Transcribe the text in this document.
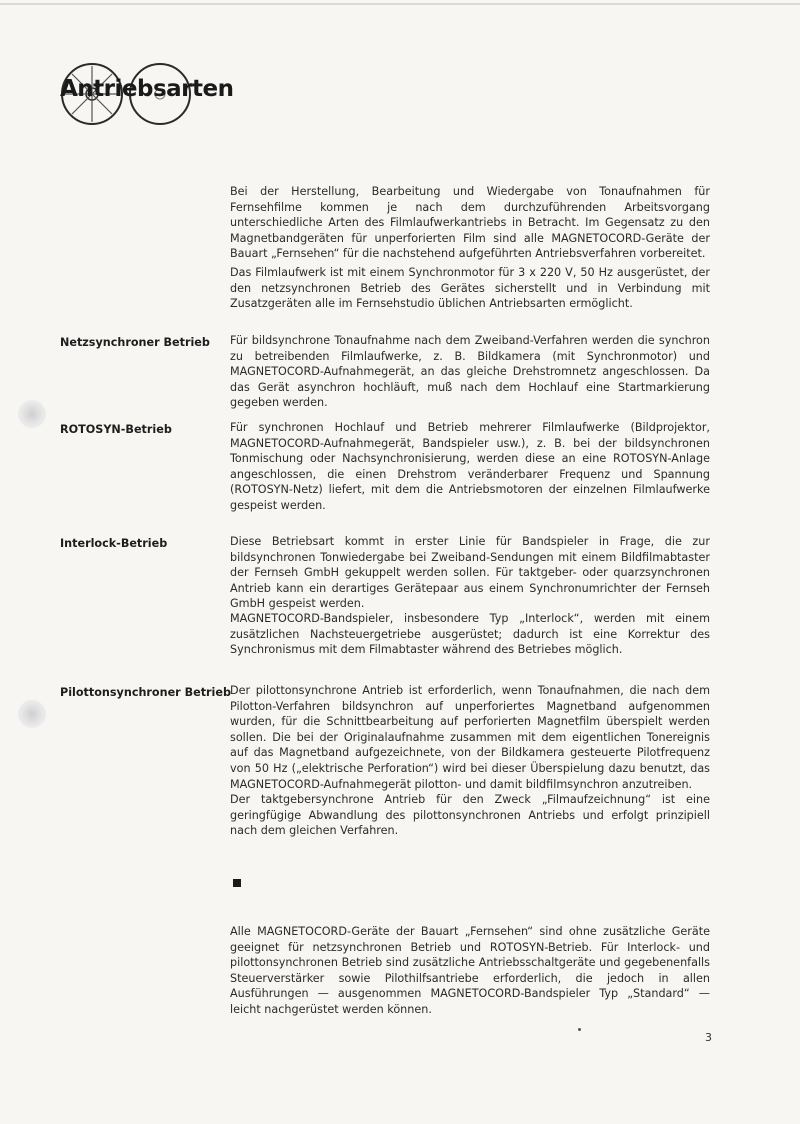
Antriebsarten
Bei der Herstellung, Bearbeitung und Wiedergabe von Tonaufnahmen für Fernsehfilme kommen je nach dem durchzuführenden Arbeitsvorgang unterschiedliche Arten des Filmlaufwerkantriebs in Betracht. Im Gegensatz zu den Magnetbandgeräten für unperforierten Film sind alle MAGNETOCORD-Geräte der Bauart „Fernsehen“ für die nachstehend aufgeführten Antriebsverfahren vorbereitet.
Das Filmlaufwerk ist mit einem Synchronmotor für 3 x 220 V, 50 Hz ausgerüstet, der den netzsynchronen Betrieb des Gerätes sicherstellt und in Verbindung mit Zusatzgeräten alle im Fernsehstudio üblichen Antriebsarten ermöglicht.
Netzsynchroner Betrieb Für bildsynchrone Tonaufnahme nach dem Zweiband-Verfahren werden die synchron zu betreibenden Filmlaufwerke, z. B. Bildkamera (mit Synchronmotor) und MAGNETOCORD-Aufnahmegerät, an das gleiche Drehstromnetz angeschlossen. Da das Gerät asynchron hochläuft, muß nach dem Hochlauf eine Startmarkierung gegeben werden.
ROTOSYN-Betrieb	Für synchronen Hochlauf und Betrieb mehrerer Filmlaufwerke (Bildprojektor, MAGNETOCORD-Aufnahmegerät, Bandspieler usw.), z. B. bei der bildsynchronen Tonmischung oder Nachsynchronisierung, werden diese an eine ROTOSYN-Anlage angeschlossen, die einen Drehstrom veränderbarer Frequenz und Spannung (ROTOSYN-Netz) liefert, mit dem die Antriebsmotoren der einzelnen Filmlaufwerke gespeist werden.
Interlock-Betrieb	Diese Betriebsart kommt in erster Linie für Bandspieler in Frage, die zur bildsynchronen Tonwiedergabe bei Zweiband-Sendungen mit einem Bildfilmabtaster der Fernseh GmbH gekuppelt werden sollen. Für taktgeber- oder quarzsynchronen Antrieb kann ein derartiges Gerätepaar aus einem Synchronumrichter der Fernseh GmbH gespeist werden.
MAGNETOCORD-Bandspieler, insbesondere Typ „Interlock“, werden mit einem zusätzlichen Nachsteuergetriebe ausgerüstet; dadurch ist eine Korrektur des Synchronismus mit dem Filmabtaster während des Betriebes möglich.
Pilottonsynchroner Betrieb Der pilottonsynchrone Antrieb ist erforderlich, wenn Tonaufnahmen, die nach dem Pilotton-Verfahren bildsynchron auf unperforiertes Magnetband aufgenommen wurden, für die Schnittbearbeitung auf perforierten Magnetfilm überspielt werden sollen. Die bei der Originalaufnahme zusammen mit dem eigentlichen Tonereignis auf das Magnetband aufgezeichnete, von der Bildkamera gesteuerte Pilotfrequenz von 50 Hz („elektrische Perforation“) wird bei dieser Überspielung dazu benutzt, das MAGNETOCORD-Aufnahmegerät pilotton- und damit bildfilmsynchron anzutreiben.
Der taktgebersynchrone Antrieb für den Zweck „Filmaufzeichnung“ ist eine geringfügige Abwandlung des pilottonsynchronen Antriebs und erfolgt prinzipiell nach dem gleichen Verfahren.
Alle MAGNETOCORD-Geräte der Bauart „Fernsehen“ sind ohne zusätzliche Geräte geeignet für netzsynchronen Betrieb und ROTOSYN-Betrieb. Für Interlock- und pilottonsynchronen Betrieb sind zusätzliche Antriebsschaltgeräte und gegebenenfalls Steuerverstärker sowie Pilothilfsantriebe erforderlich, die jedoch in allen Ausführungen — ausgenommen MAGNETOCORD-Bandspieler Typ „Standard“ — leicht nachgerüstet werden können.
3
